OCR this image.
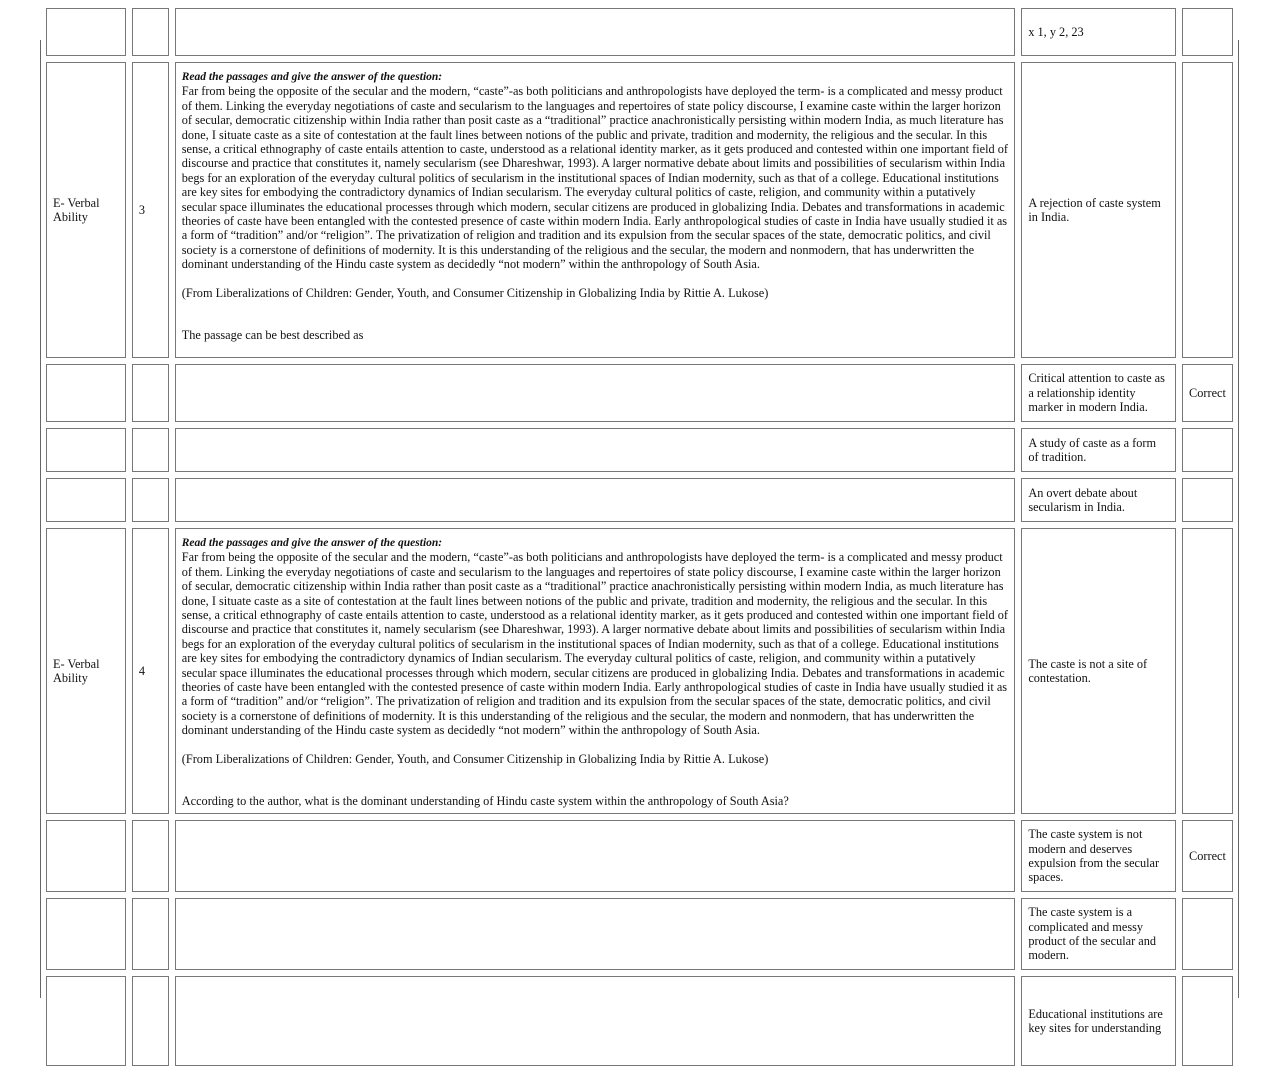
			x 1, y 2, 23	

E- Verbal Ability	3	Read the passages and give the answer of the question:
Far from being the opposite of the secular and the modern, “caste”-as both politicians and anthropologists have deployed the term- is a complicated and messy product of them. Linking the everyday negotiations of caste and secularism to the languages and repertoires of state policy discourse, I examine caste within the larger horizon of secular, democratic citizenship within India rather than posit caste as a “traditional” practice anachronistically persisting within modern India, as much literature has done, I situate caste as a site of contestation at the fault lines between notions of the public and private, tradition and modernity, the religious and the secular. In this sense, a critical ethnography of caste entails attention to caste, understood as a relational identity marker, as it gets produced and contested within one important field of discourse and practice that constitutes it, namely secularism (see Dhareshwar, 1993). A larger normative debate about limits and possibilities of secularism within India begs for an exploration of the everyday cultural politics of secularism in the institutional spaces of Indian modernity, such as that of a college. Educational institutions are key sites for embodying the contradictory dynamics of Indian secularism. The everyday cultural politics of caste, religion, and community within a putatively secular space illuminates the educational processes through which modern, secular citizens are produced in globalizing India. Debates and transformations in academic theories of caste have been entangled with the contested presence of caste within modern India. Early anthropological studies of caste in India have usually studied it as a form of “tradition” and/or “religion”. The privatization of religion and tradition and its expulsion from the secular spaces of the state, democratic politics, and civil society is a cornerstone of definitions of modernity. It is this understanding of the religious and the secular, the modern and nonmodern, that has underwritten the dominant understanding of the Hindu caste system as decidedly “not modern” within the anthropology of South Asia.
(From Liberalizations of Children: Gender, Youth, and Consumer Citizenship in Globalizing India by Rittie A. Lukose)
The passage can be best described as	A rejection of caste system in India.	

			Critical attention to caste as a relationship identity marker in modern India.	Correct

			A study of caste as a form of tradition.	

			An overt debate about secularism in India.	

E- Verbal Ability	4	Read the passages and give the answer of the question:
Far from being the opposite of the secular and the modern, “caste”-as both politicians and anthropologists have deployed the term- is a complicated and messy product of them. Linking the everyday negotiations of caste and secularism to the languages and repertoires of state policy discourse, I examine caste within the larger horizon of secular, democratic citizenship within India rather than posit caste as a “traditional” practice anachronistically persisting within modern India, as much literature has done, I situate caste as a site of contestation at the fault lines between notions of the public and private, tradition and modernity, the religious and the secular. In this sense, a critical ethnography of caste entails attention to caste, understood as a relational identity marker, as it gets produced and contested within one important field of discourse and practice that constitutes it, namely secularism (see Dhareshwar, 1993). A larger normative debate about limits and possibilities of secularism within India begs for an exploration of the everyday cultural politics of secularism in the institutional spaces of Indian modernity, such as that of a college. Educational institutions are key sites for embodying the contradictory dynamics of Indian secularism. The everyday cultural politics of caste, religion, and community within a putatively secular space illuminates the educational processes through which modern, secular citizens are produced in globalizing India. Debates and transformations in academic theories of caste have been entangled with the contested presence of caste within modern India. Early anthropological studies of caste in India have usually studied it as a form of “tradition” and/or “religion”. The privatization of religion and tradition and its expulsion from the secular spaces of the state, democratic politics, and civil society is a cornerstone of definitions of modernity. It is this understanding of the religious and the secular, the modern and nonmodern, that has underwritten the dominant understanding of the Hindu caste system as decidedly “not modern” within the anthropology of South Asia.
(From Liberalizations of Children: Gender, Youth, and Consumer Citizenship in Globalizing India by Rittie A. Lukose)
According to the author, what is the dominant understanding of Hindu caste system within the anthropology of South Asia?	The caste is not a site of contestation.	

			The caste system is not modern and deserves expulsion from the secular spaces.	Correct

			The caste system is a complicated and messy product of the secular and modern.	

			Educational institutions are key sites for understanding	
